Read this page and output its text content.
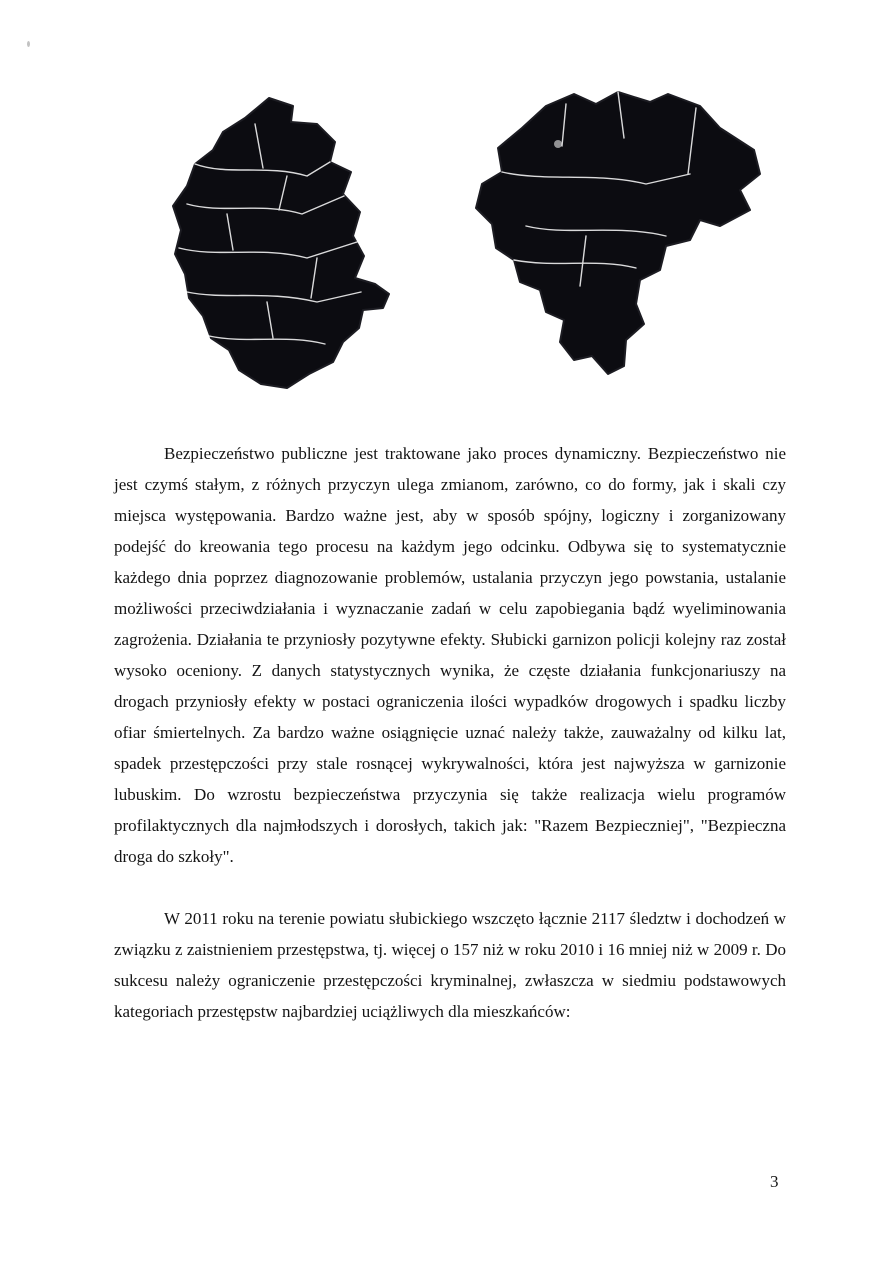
Bezpieczeństwo publiczne jest traktowane jako proces dynamiczny. Bezpieczeństwo nie jest czymś stałym, z różnych przyczyn ulega zmianom, zarówno, co do formy, jak i skali czy miejsca występowania. Bardzo ważne jest, aby w sposób spójny, logiczny i zorganizowany podejść do kreowania tego procesu na każdym jego odcinku. Odbywa się to systematycznie każdego dnia poprzez diagnozowanie problemów, ustalania przyczyn jego powstania, ustalanie możliwości przeciwdziałania i wyznaczanie zadań w celu zapobiegania bądź wyeliminowania zagrożenia. Działania te przyniosły pozytywne efekty. Słubicki garnizon policji kolejny raz został wysoko oceniony. Z danych statystycznych wynika, że częste działania funkcjonariuszy na drogach przyniosły efekty w postaci ograniczenia ilości wypadków drogowych i spadku liczby ofiar śmiertelnych. Za bardzo ważne osiągnięcie uznać należy także, zauważalny od kilku lat, spadek przestępczości przy stale rosnącej wykrywalności, która jest najwyższa w garnizonie lubuskim. Do wzrostu bezpieczeństwa przyczynia się także realizacja wielu programów profilaktycznych dla najmłodszych i dorosłych, takich jak: "Razem Bezpieczniej", "Bezpieczna droga do szkoły".

W 2011 roku na terenie powiatu słubickiego wszczęto łącznie 2117 śledztw i dochodzeń w związku z zaistnieniem przestępstwa, tj. więcej o 157 niż w roku 2010 i 16 mniej niż w 2009 r. Do sukcesu należy ograniczenie przestępczości kryminalnej, zwłaszcza w siedmiu podstawowych kategoriach przestępstw najbardziej uciążliwych dla mieszkańców:

3
